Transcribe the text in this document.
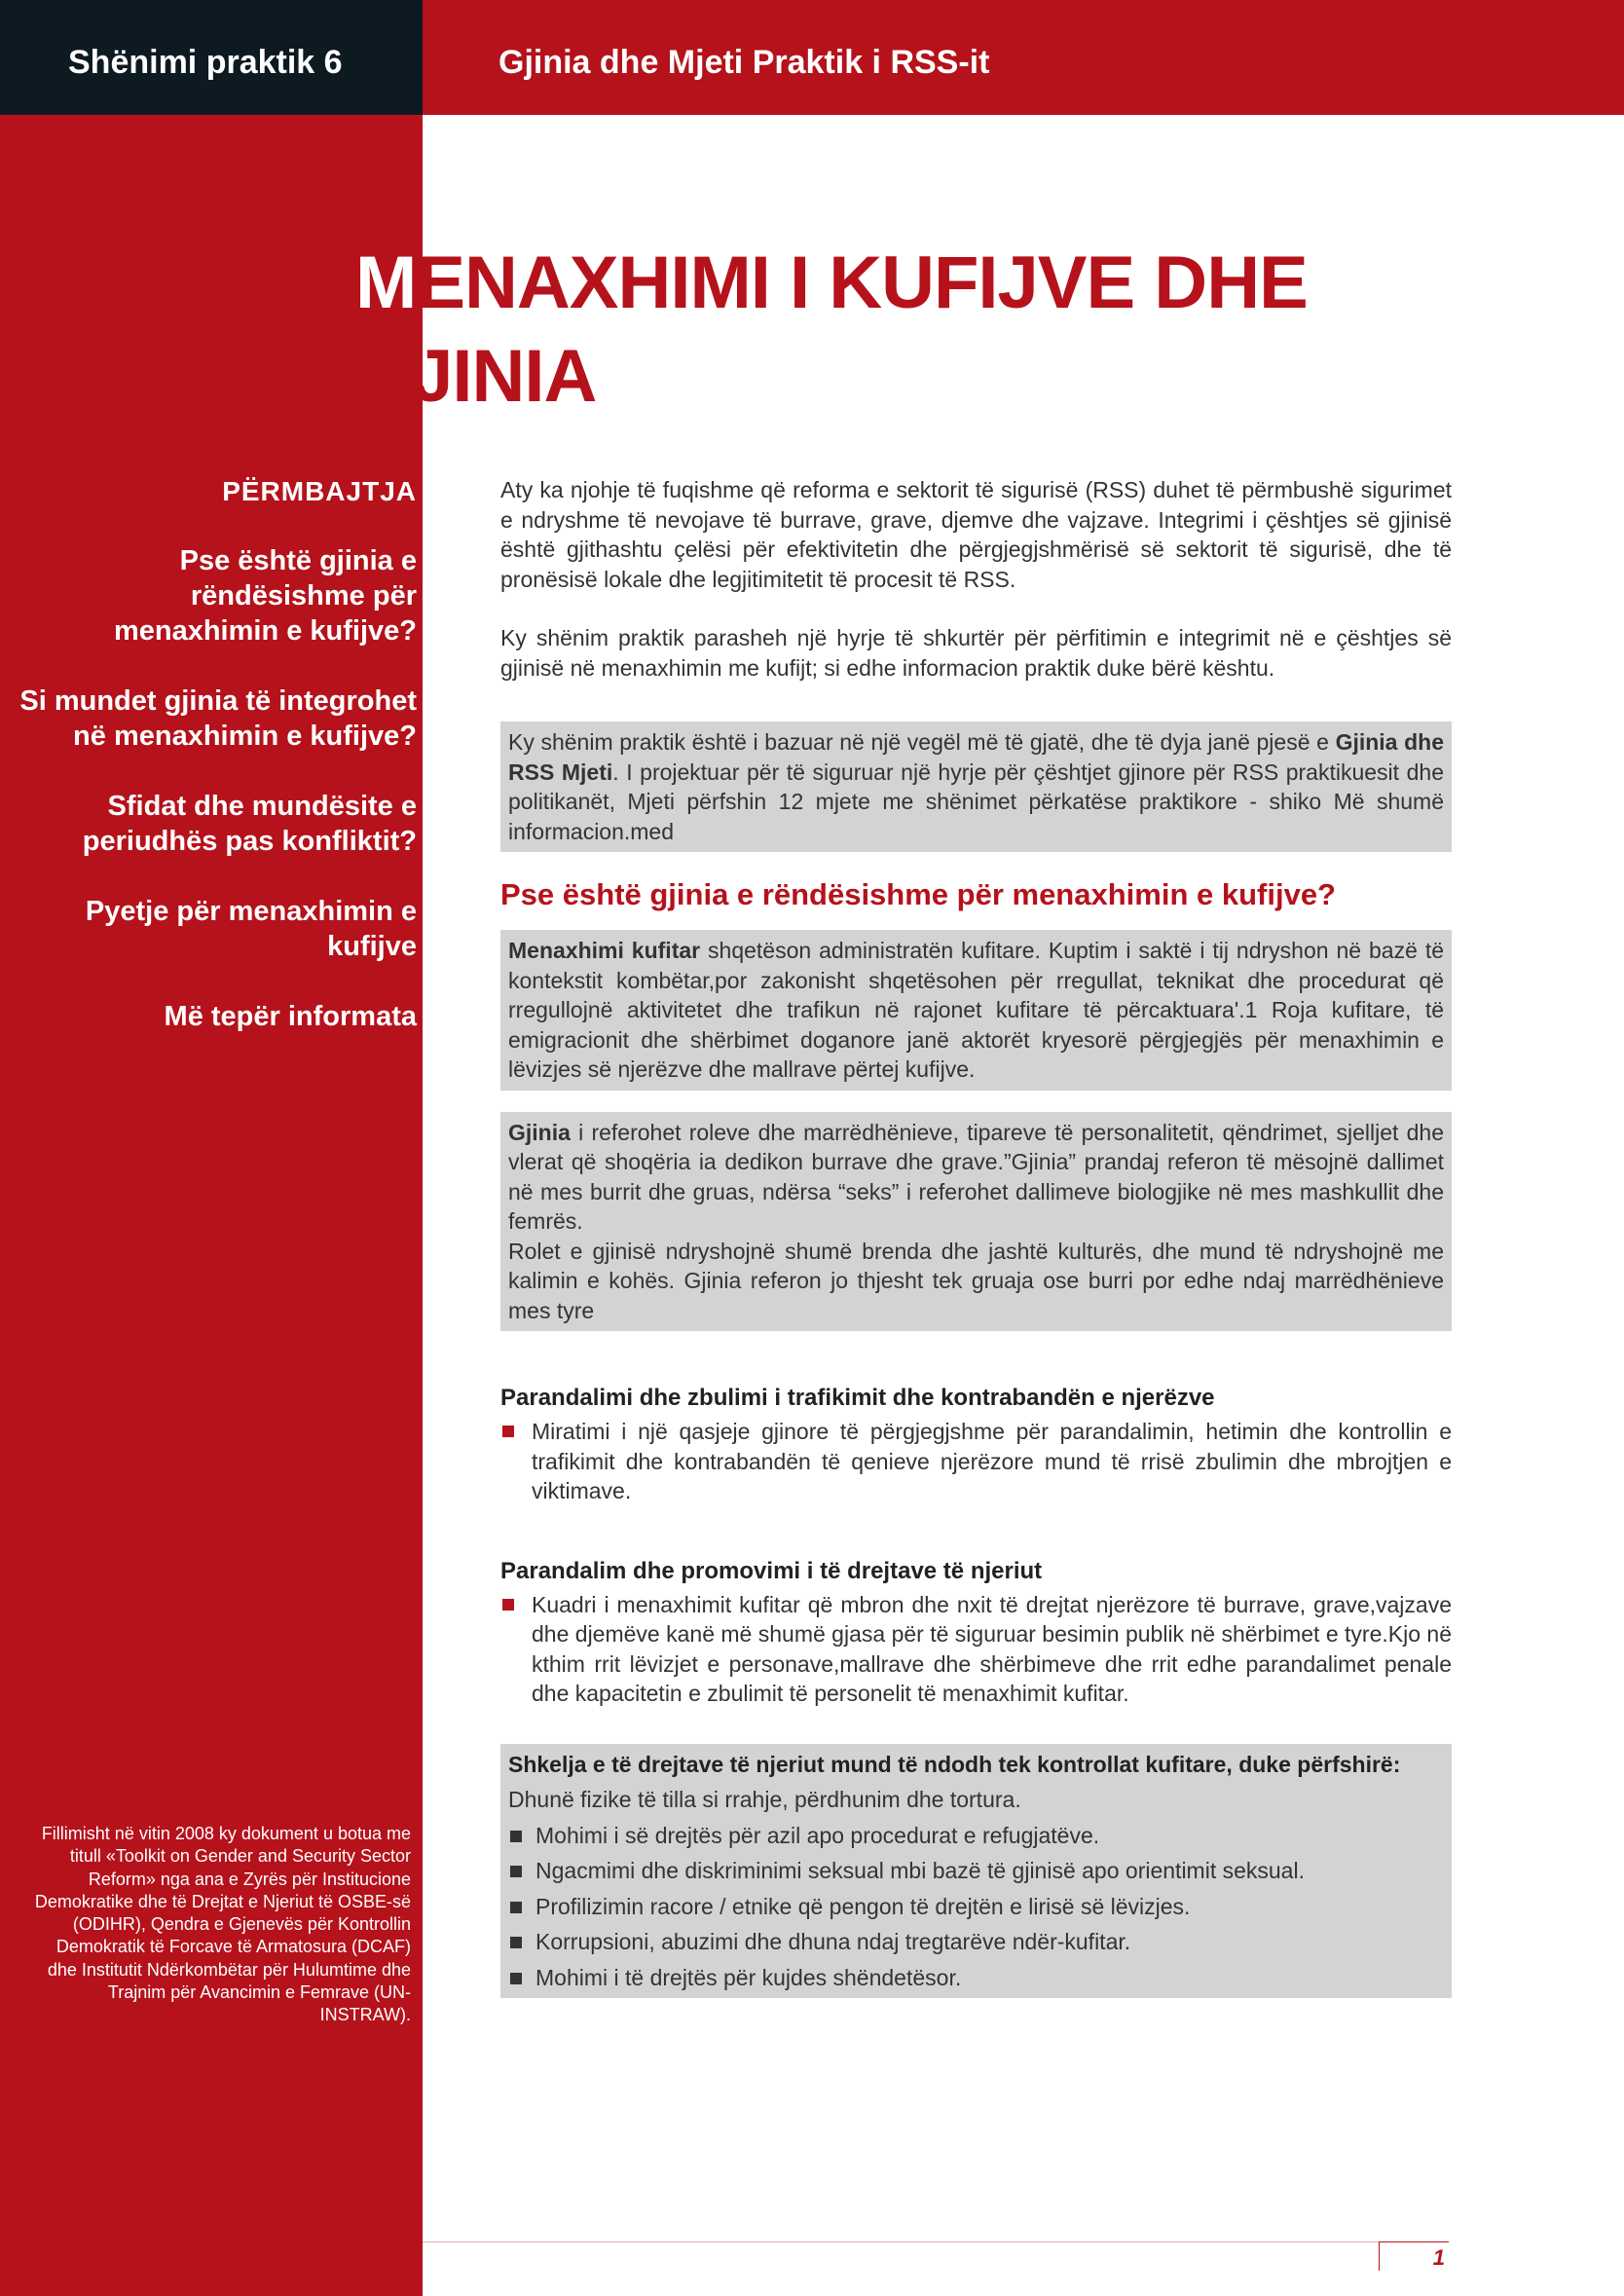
Shënimi praktik 6	Gjinia dhe Mjeti Praktik i RSS-it
MENAXHIMI I KUFIJVE DHE
GJINIA

PËRMBAJTJA

Pse është gjinia e rëndësishme për menaxhimin e kufijve?

Si mundet gjinia të integrohet në menaxhimin e kufijve?

Sfidat dhe mundësite e periudhës pas konfliktit?

Pyetje për menaxhimin e kufijve

Më tepër informata

Fillimisht në vitin 2008 ky dokument u botua me titull «Toolkit on Gender and Security Sector Reform» nga ana e Zyrës për Institucione Demokratike dhe të Drejtat e Njeriut të OSBE-së (ODIHR), Qendra e Gjenevës për Kontrollin Demokratik të Forcave të Armatosura (DCAF) dhe Institutit Ndërkombëtar për Hulumtime dhe Trajnim për Avancimin e Femrave (UN-INSTRAW).

Aty ka njohje të fuqishme që reforma e sektorit të sigurisë (RSS) duhet të përmbushë sigurimet e ndryshme të nevojave të burrave, grave, djemve dhe vajzave. Integrimi i çështjes së gjinisë është gjithashtu çelësi për efektivitetin dhe përgjegjshmërisë së sektorit të sigurisë, dhe të pronësisë lokale dhe legjitimitetit të procesit të RSS.

Ky shënim praktik parasheh një hyrje të shkurtër për përfitimin e integrimit në e çështjes së gjinisë në menaxhimin me kufijt; si edhe informacion praktik duke bërë kështu.

Ky shënim praktik është i bazuar në një vegël më të gjatë, dhe të dyja janë pjesë e Gjinia dhe RSS Mjeti. I projektuar për të siguruar një hyrje për çështjet gjinore për RSS praktikuesit dhe politikanët, Mjeti përfshin 12 mjete me shënimet përkatëse praktikore - shiko Më shumë informacion.med

Pse është gjinia e rëndësishme për menaxhimin e kufijve?

Menaxhimi kufitar shqetëson administratën kufitare. Kuptim i saktë i tij ndryshon në bazë të kontekstit kombëtar,por zakonisht shqetësohen për rregullat, teknikat dhe procedurat që rregullojnë aktivitetet dhe trafikun në rajonet kufitare të përcaktuara'.1 Roja kufitare, të emigracionit dhe shërbimet doganore janë aktorët kryesorë përgjegjës për menaxhimin e lëvizjes së njerëzve dhe mallrave përtej kufijve.

Gjinia i referohet roleve dhe marrëdhënieve, tipareve të personalitetit, qëndrimet, sjelljet dhe vlerat që shoqëria ia dedikon burrave dhe grave.”Gjinia” prandaj referon të mësojnë dallimet në mes burrit dhe gruas, ndërsa “seks” i referohet dallimeve biologjike në mes mashkullit dhe femrës.

Rolet e gjinisë ndryshojnë shumë brenda dhe jashtë kulturës, dhe mund të ndryshojnë me kalimin e kohës. Gjinia referon jo thjesht tek gruaja ose burri por edhe ndaj marrëdhënieve mes tyre

Parandalimi dhe zbulimi i trafikimit dhe kontrabandën e njerëzve

Miratimi i një qasjeje gjinore të përgjegjshme për parandalimin, hetimin dhe kontrollin e trafikimit dhe kontrabandën të qenieve njerëzore mund të rrisë zbulimin dhe mbrojtjen e viktimave.

Parandalim dhe promovimi i të drejtave të njeriut

Kuadri i menaxhimit kufitar që mbron dhe nxit të drejtat njerëzore të burrave, grave,vajzave dhe djemëve kanë më shumë gjasa për të siguruar besimin publik në shërbimet e tyre.Kjo në kthim rrit lëvizjet e personave,mallrave dhe shërbimeve dhe rrit edhe parandalimet penale dhe kapacitetin e zbulimit të personelit të menaxhimit kufitar.

Shkelja e të drejtave të njeriut mund të ndodh tek kontrollat kufitare, duke përfshirë:

Dhunë fizike të tilla si rrahje, përdhunim dhe tortura.

Mohimi i së drejtës për azil apo procedurat e refugjatëve.
Ngacmimi dhe diskriminimi seksual mbi bazë të gjinisë apo orientimit seksual.
Profilizimin racore / etnike që pengon të drejtën e lirisë së lëvizjes.
Korrupsioni, abuzimi dhe dhuna ndaj tregtarëve ndër-kufitar.
Mohimi i të drejtës për kujdes shëndetësor.
1
